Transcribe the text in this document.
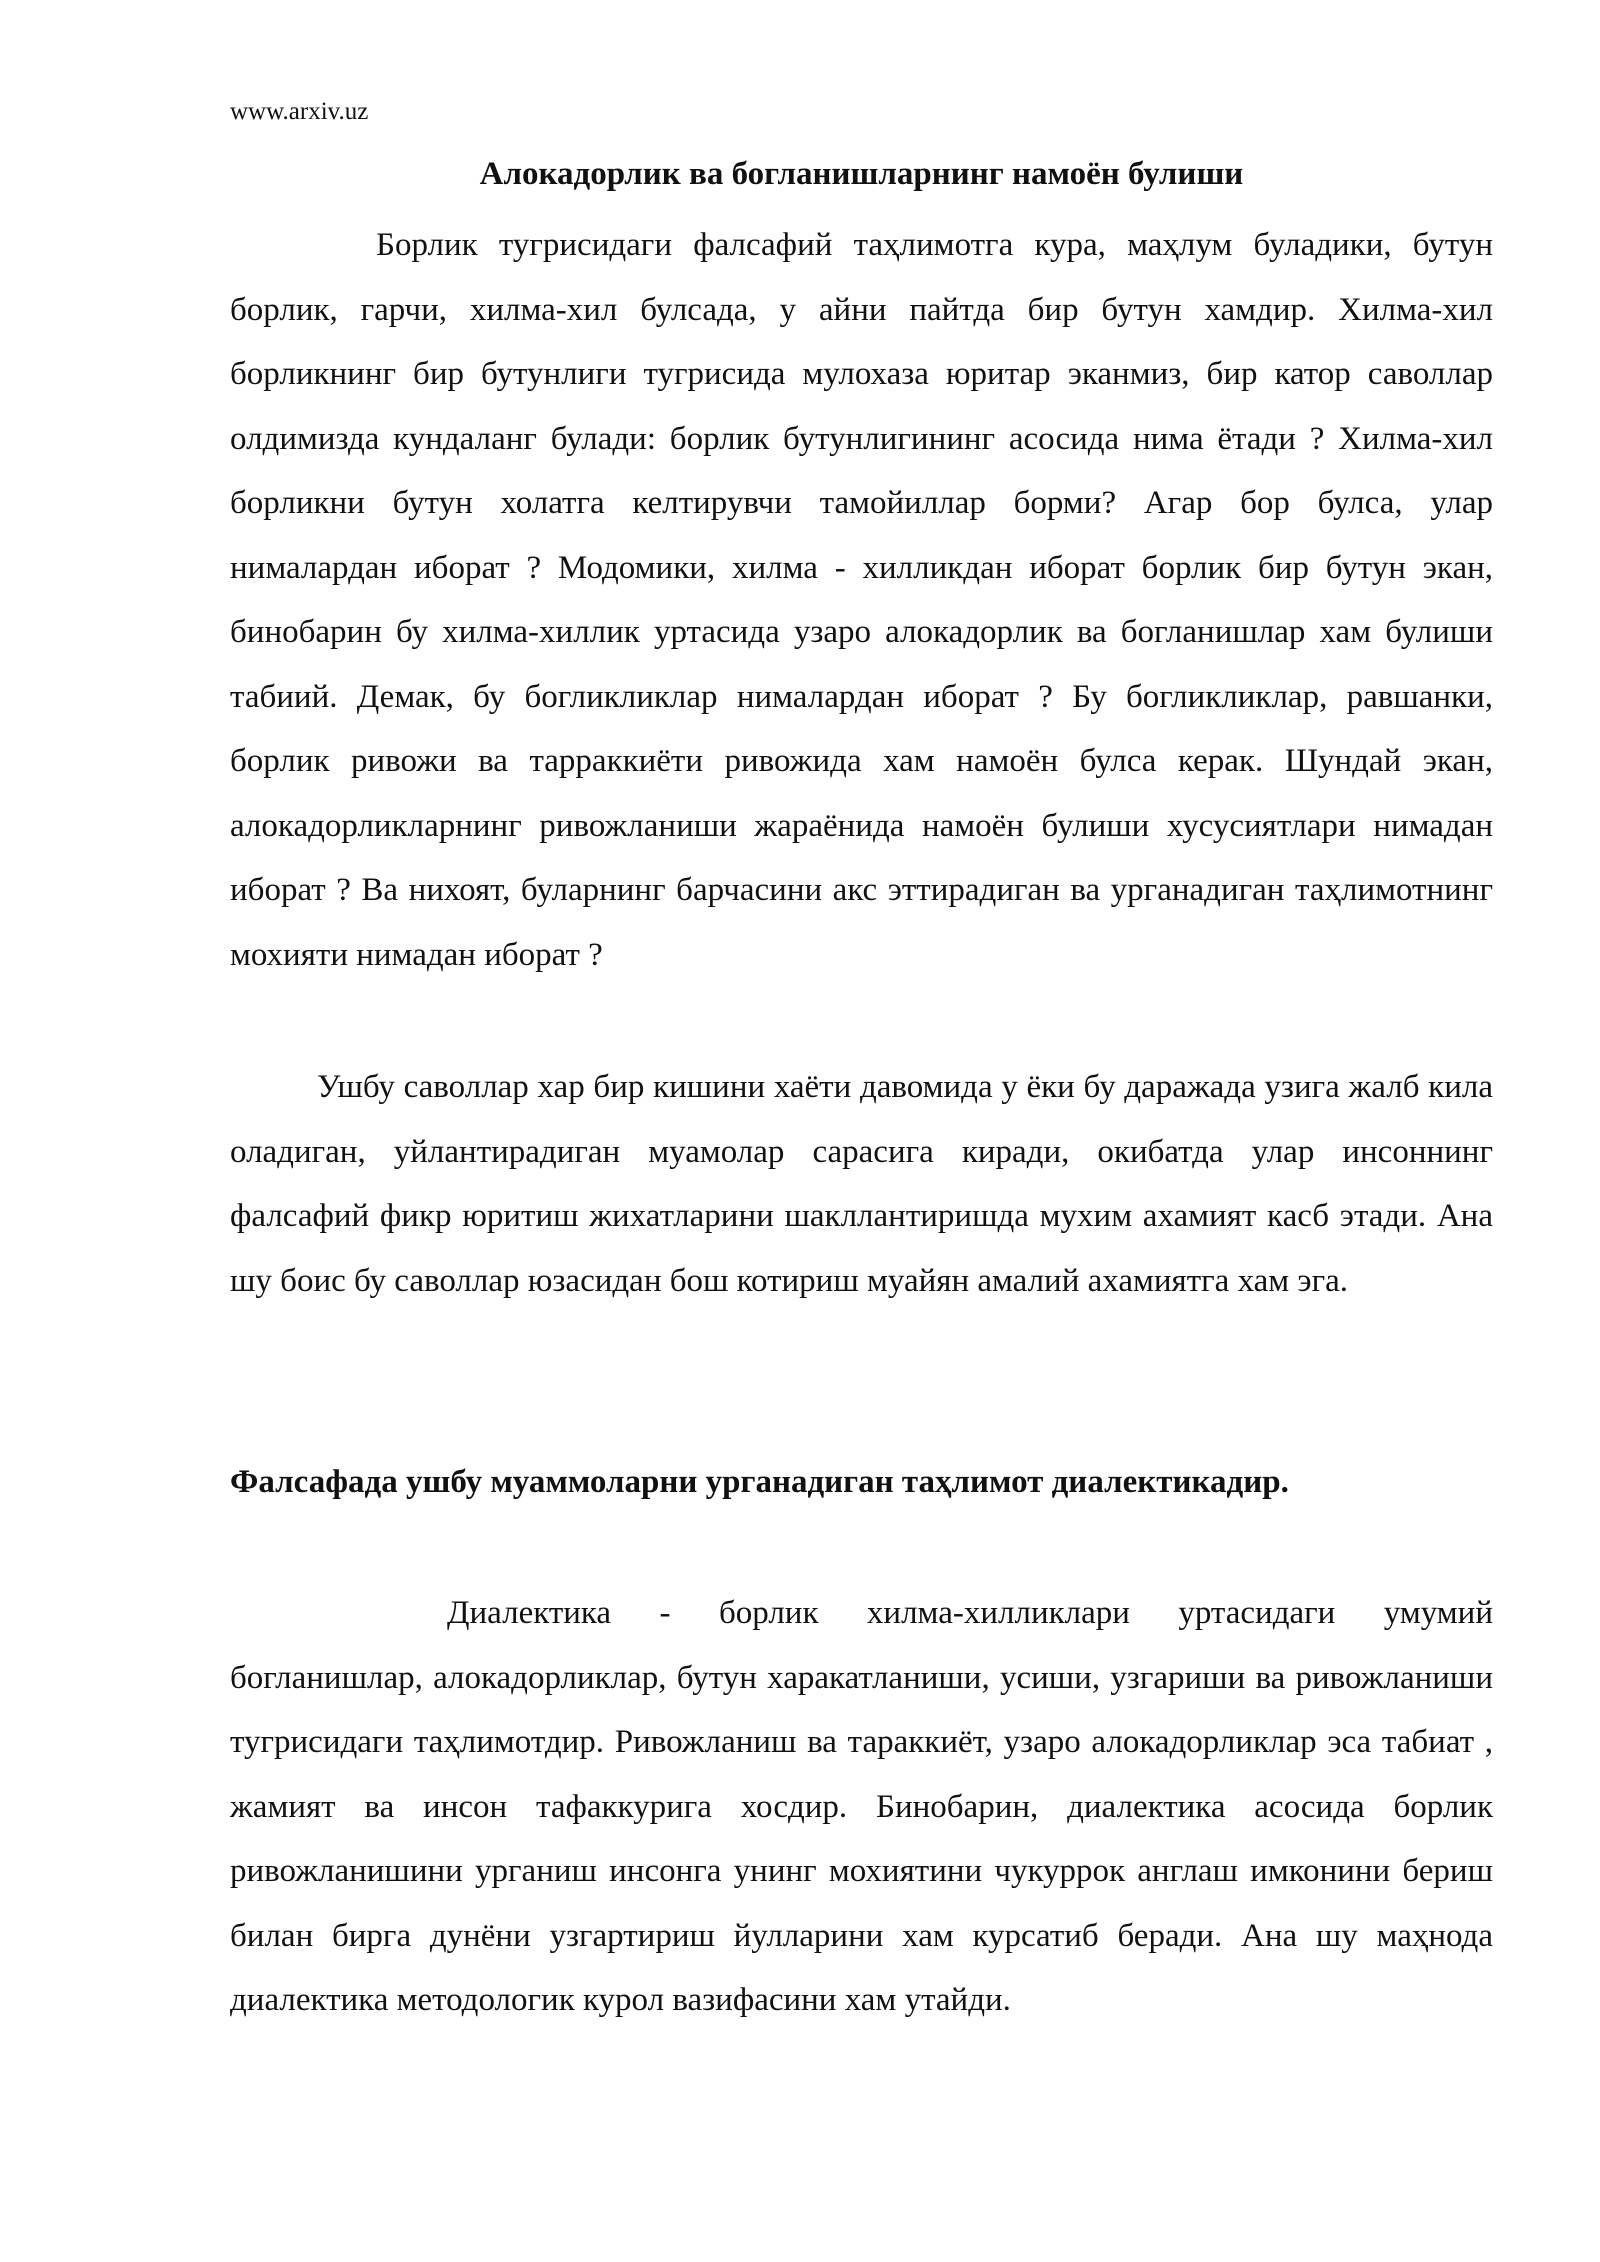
www.arxiv.uz
Алокадорлик ва богланишларнинг намоён булиши

Борлик тугрисидаги фалсафий таҳлимотга кура, маҳлум буладики, бутун борлик, гарчи, хилма-хил булсада, у айни пайтда бир бутун хамдир. Хилма-хил борликнинг бир бутунлиги тугрисида мулохаза юритар эканмиз, бир катор саволлар олдимизда кундаланг булади: борлик бутунлигининг асосида нима ётади ? Хилма-хил борликни бутун холатга келтирувчи тамойиллар борми? Агар бор булса, улар нималардан иборат ? Модомики, хилма - хилликдан иборат борлик бир бутун экан, бинобарин бу хилма-хиллик уртасида узаро алокадорлик ва богланишлар хам булиши табиий. Демак, бу богликликлар нималардан иборат ? Бу богликликлар, равшанки, борлик ривожи ва тарраккиёти ривожида хам намоён булса керак. Шундай экан, алокадорликларнинг ривожланиши жараёнида намоён булиши хусусиятлари нимадан иборат ? Ва нихоят, буларнинг барчасини акс эттирадиган ва урганадиган таҳлимотнинг мохияти нимадан иборат ?

Ушбу саволлар хар бир кишини хаёти давомида у ёки бу даражада узига жалб кила оладиган, уйлантирадиган муамолар сарасига киради, окибатда улар инсоннинг фалсафий фикр юритиш жихатларини шакллантиришда мухим ахамият касб этади. Ана шу боис бу саволлар юзасидан бош котириш муайян амалий ахамиятга хам эга.

Фалсафада ушбу муаммоларни урганадиган таҳлимот диалектикадир.

Диалектика - борлик хилма-хилликлари уртасидаги умумий богланишлар, алокадорликлар, бутун харакатланиши, усиши, узгариши ва ривожланиши тугрисидаги таҳлимотдир. Ривожланиш ва тараккиёт, узаро алокадорликлар эса табиат , жамият ва инсон тафаккурига хосдир. Бинобарин, диалектика асосида борлик ривожланишини урганиш инсонга унинг мохиятини чукуррок англаш имконини бериш билан бирга дунёни узгартириш йулларини хам курсатиб беради. Ана шу маҳнода диалектика методологик курол вазифасини хам утайди.
